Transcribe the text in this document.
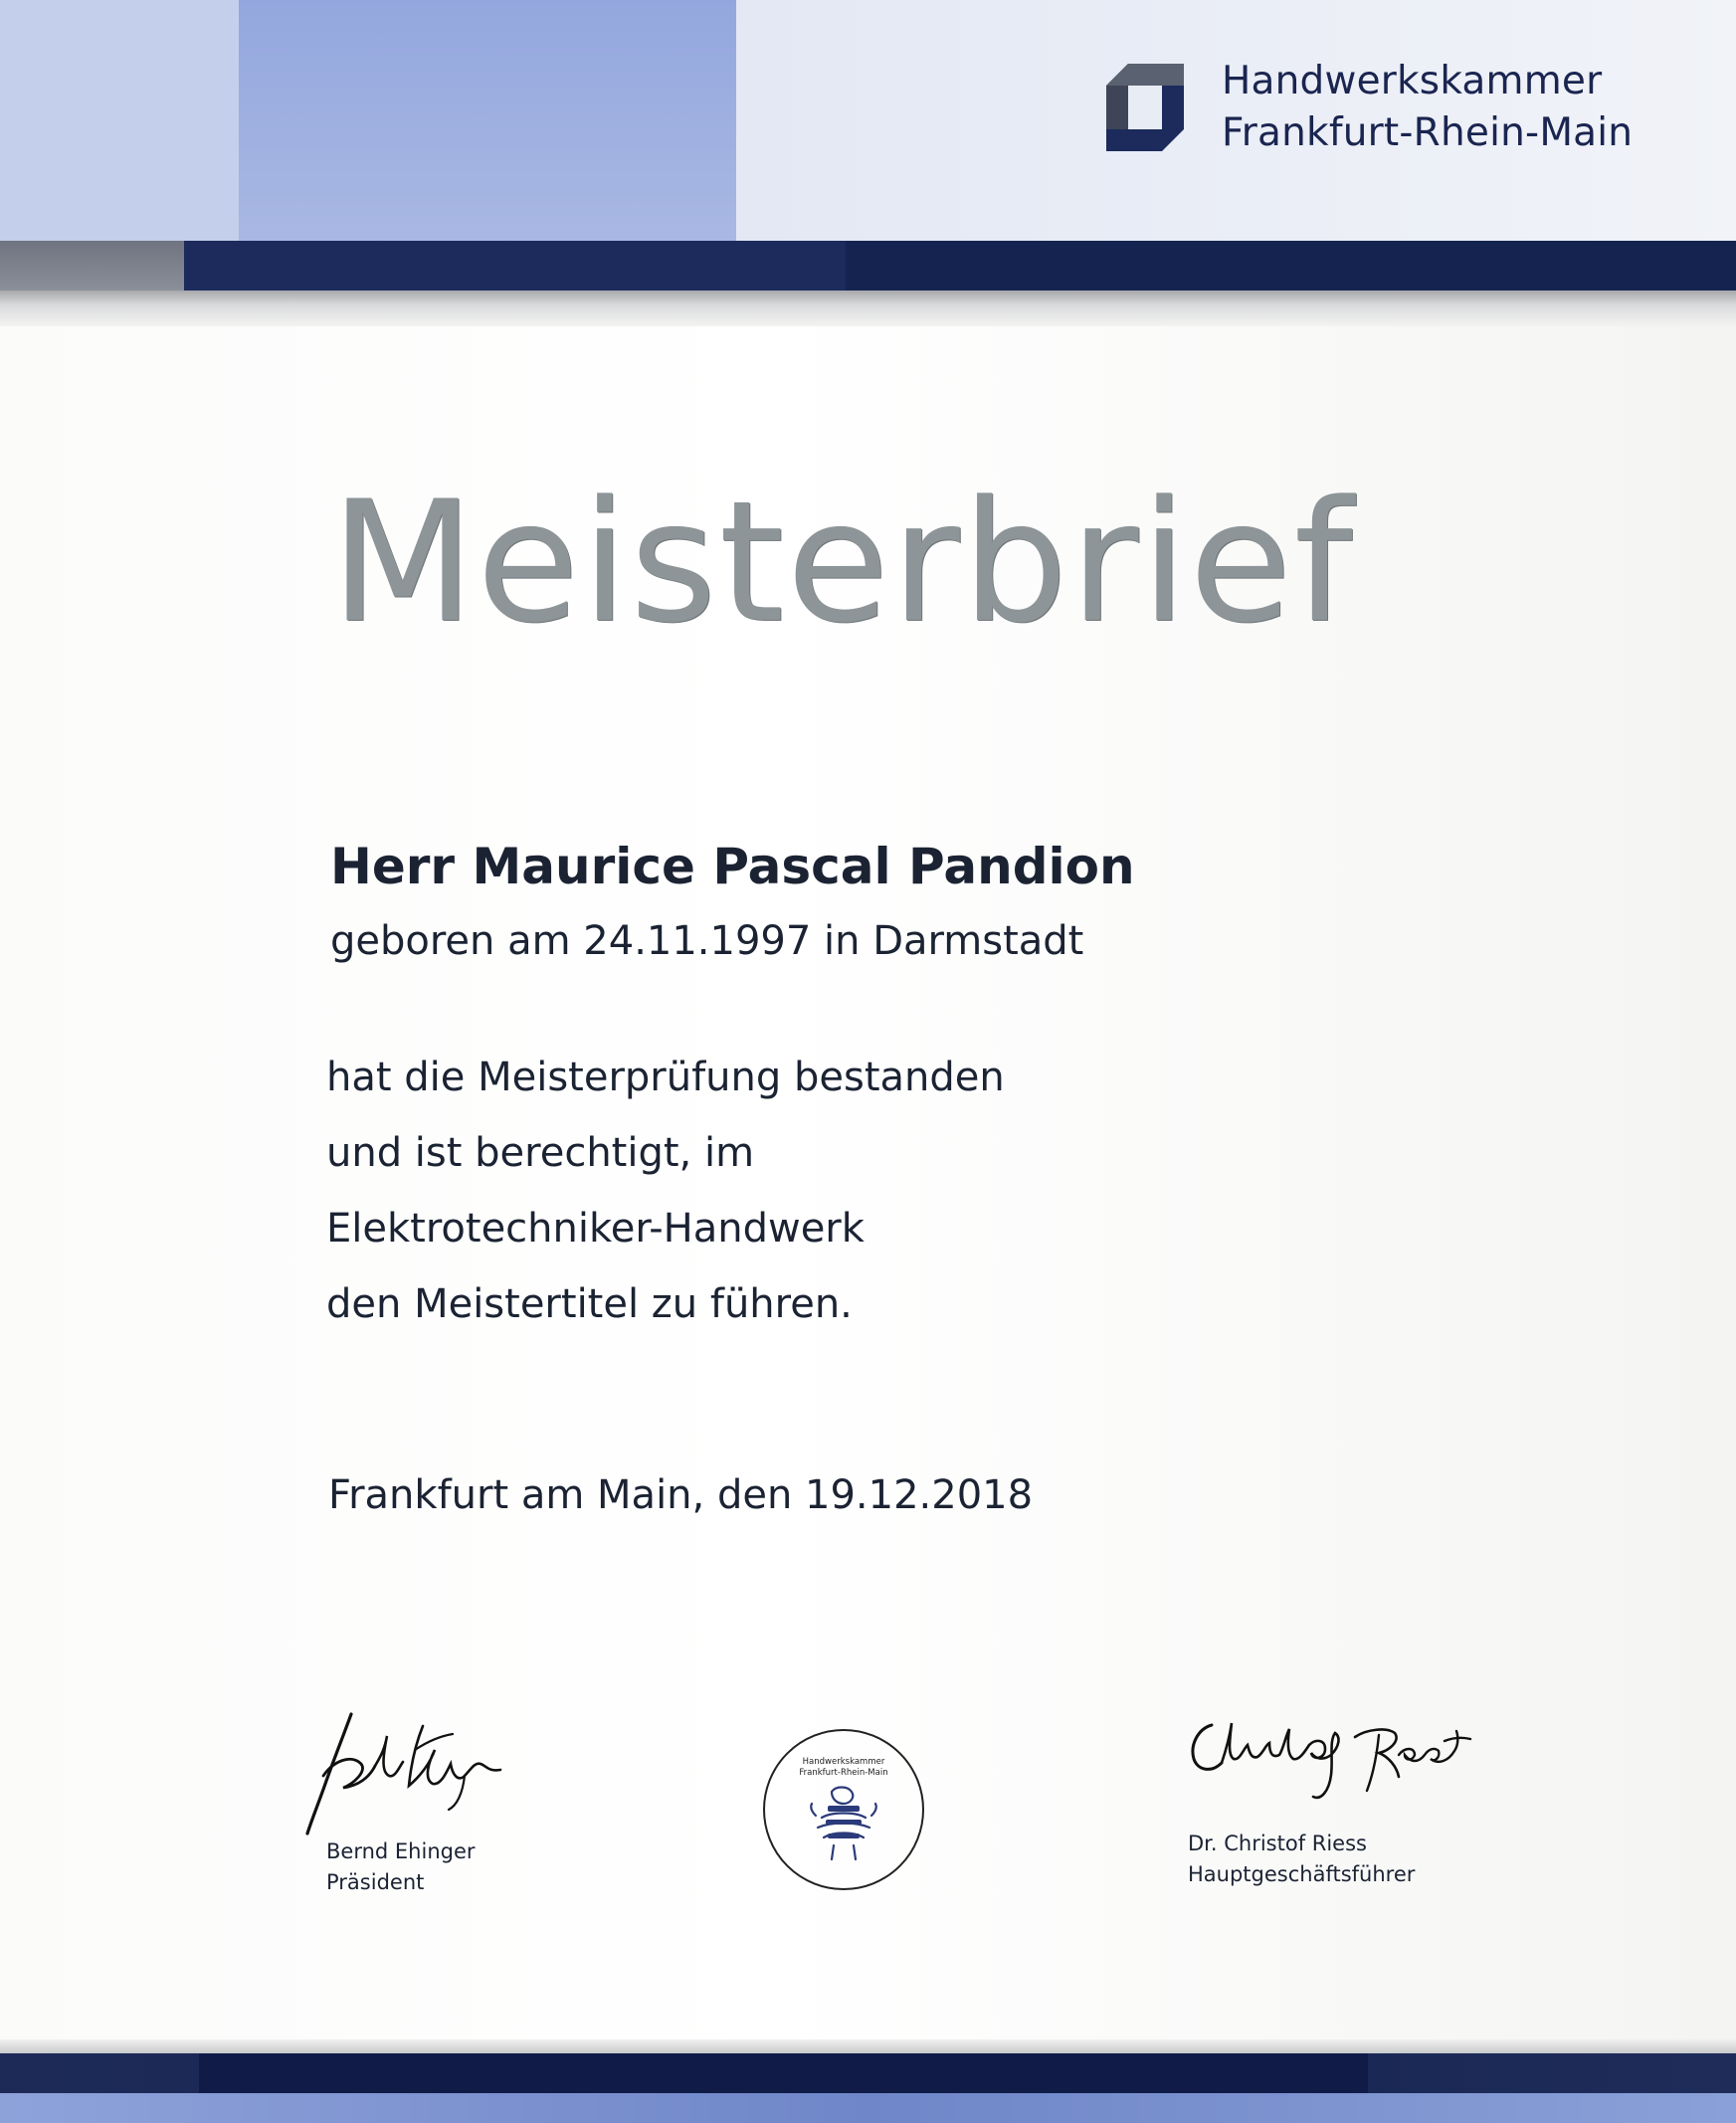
Handwerkskammer
Frankfurt-Rhein-Main
Meisterbrief
Herr Maurice Pascal Pandion
geboren am 24.11.1997 in Darmstadt
hat die Meisterprüfung bestanden
und ist berechtigt, im
Elektrotechniker-Handwerk
den Meistertitel zu führen.
Frankfurt am Main, den 19.12.2018
Bernd Ehinger
Präsident
Handwerkskammer
Frankfurt-Rhein-Main
Dr. Christof Riess
Hauptgeschäftsführer
